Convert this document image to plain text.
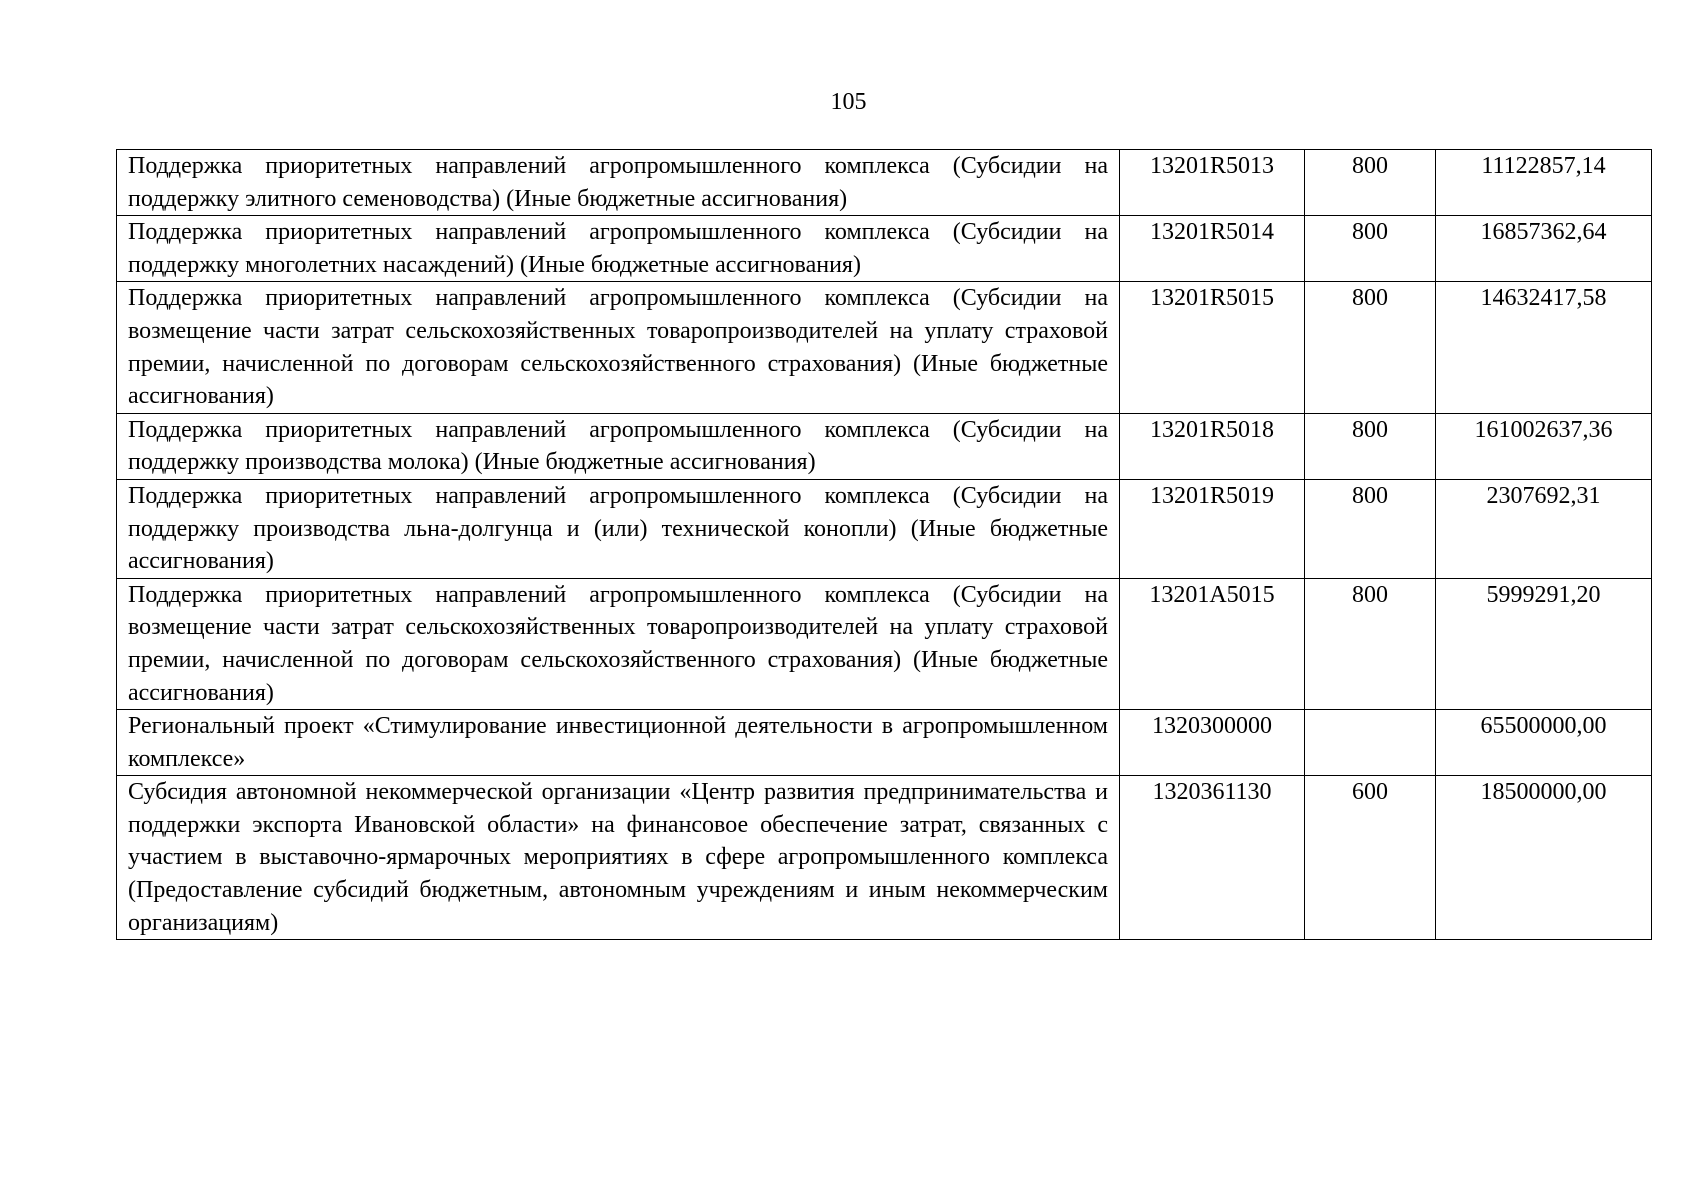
105
Поддержка приоритетных направлений агропромышленного комплекса (Субсидии на поддержку элитного семеноводства) (Иные бюджетные ассигнования)	13201R5013	800	11122857,14
Поддержка приоритетных направлений агропромышленного комплекса (Субсидии на поддержку многолетних насаждений) (Иные бюджетные ассигнования)	13201R5014	800	16857362,64
Поддержка приоритетных направлений агропромышленного комплекса (Субсидии на возмещение части затрат сельскохозяйственных товаропроизводителей на уплату страховой премии, начисленной по договорам сельскохозяйственного страхования) (Иные бюджетные ассигнования)	13201R5015	800	14632417,58
Поддержка приоритетных направлений агропромышленного комплекса (Субсидии на поддержку производства молока) (Иные бюджетные ассигнования)	13201R5018	800	161002637,36
Поддержка приоритетных направлений агропромышленного комплекса (Субсидии на поддержку производства льна-долгунца и (или) технической конопли) (Иные бюджетные ассигнования)	13201R5019	800	2307692,31
Поддержка приоритетных направлений агропромышленного комплекса (Субсидии на возмещение части затрат сельскохозяйственных товаропроизводителей на уплату страховой премии, начисленной по договорам сельскохозяйственного страхования) (Иные бюджетные ассигнования)	13201A5015	800	5999291,20
Региональный проект «Стимулирование инвестиционной деятельности в агропромышленном комплексе»	1320300000		65500000,00
Субсидия автономной некоммерческой организации «Центр развития предпринимательства и поддержки экспорта Ивановской области» на финансовое обеспечение затрат, связанных с участием в выставочно-ярмарочных мероприятиях в сфере агропромышленного комплекса (Предоставление субсидий бюджетным, автономным учреждениям и иным некоммерческим организациям)	1320361130	600	18500000,00
